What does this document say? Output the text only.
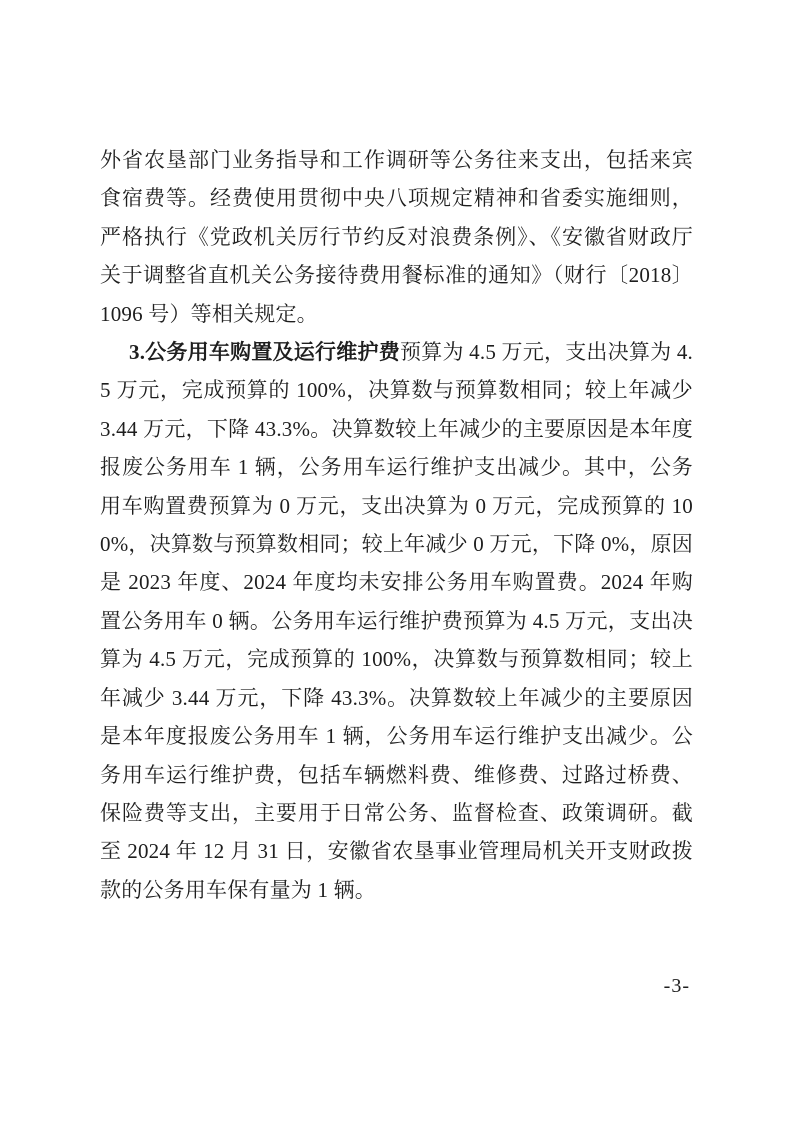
外省农垦部门业务指导和工作调研等公务往来支出，包括来宾食宿费等。经费使用贯彻中央八项规定精神和省委实施细则，严格执行《党政机关厉行节约反对浪费条例》、《安徽省财政厅关于调整省直机关公务接待费用餐标准的通知》（财行〔2018〕1096 号）等相关规定。

3.公务用车购置及运行维护费预算为 4.5 万元，支出决算为 4.5 万元，完成预算的 100%，决算数与预算数相同；较上年减少 3.44 万元，下降 43.3%。决算数较上年减少的主要原因是本年度报废公务用车 1 辆，公务用车运行维护支出减少。其中，公务用车购置费预算为 0 万元，支出决算为 0 万元，完成预算的 100%，决算数与预算数相同；较上年减少 0 万元，下降 0%，原因是 2023 年度、2024 年度均未安排公务用车购置费。2024 年购置公务用车 0 辆。公务用车运行维护费预算为 4.5 万元，支出决算为 4.5 万元，完成预算的 100%，决算数与预算数相同；较上年减少 3.44 万元，下降 43.3%。决算数较上年减少的主要原因是本年度报废公务用车 1 辆，公务用车运行维护支出减少。公务用车运行维护费，包括车辆燃料费、维修费、过路过桥费、保险费等支出，主要用于日常公务、监督检查、政策调研。截至 2024 年 12 月 31 日，安徽省农垦事业管理局机关开支财政拨款的公务用车保有量为 1 辆。

-3-
